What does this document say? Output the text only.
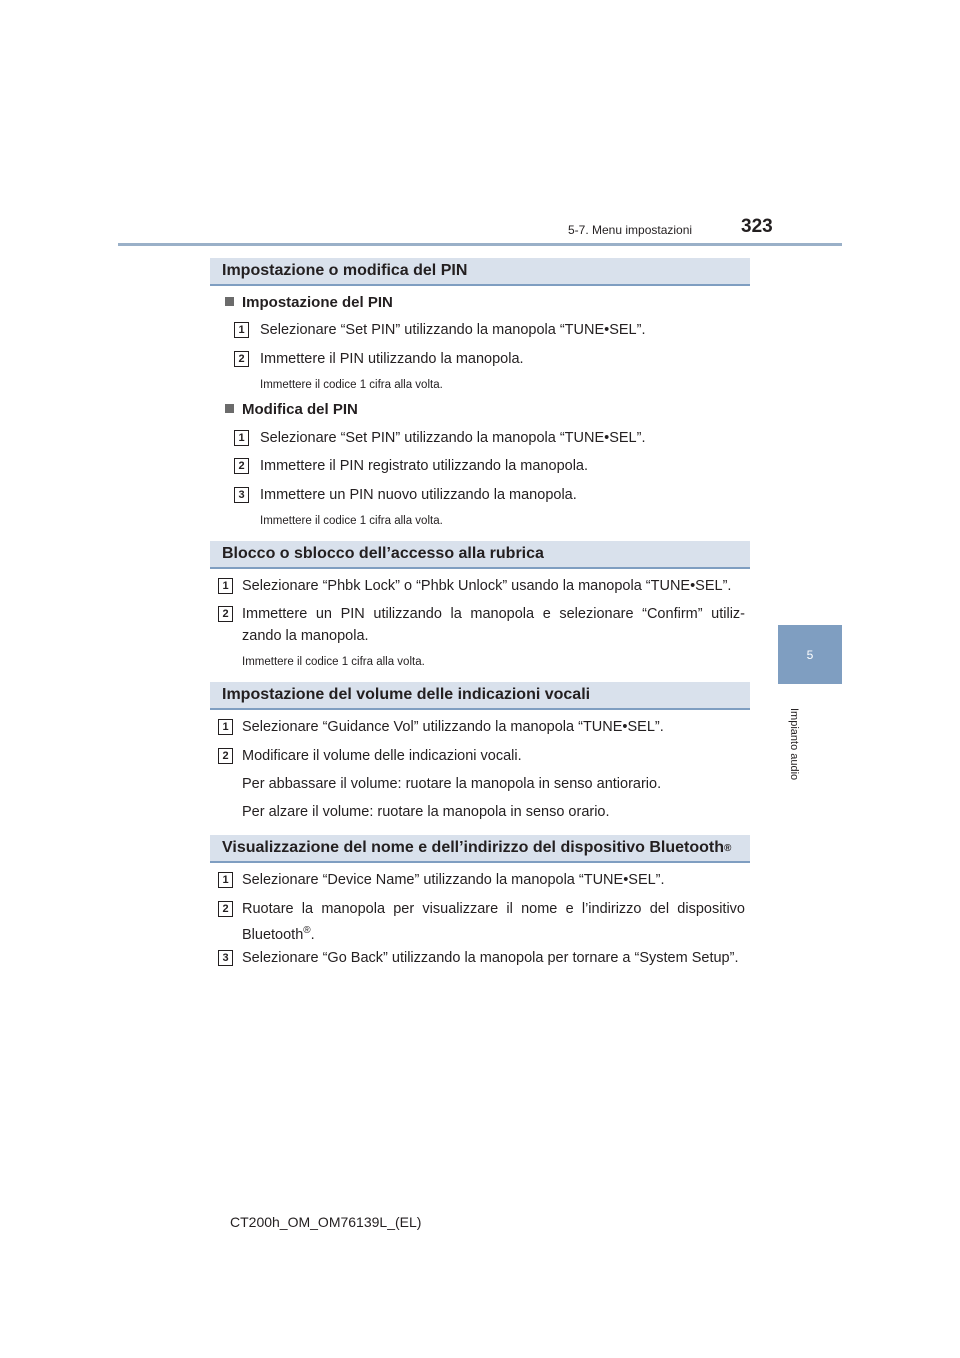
5-7. Menu impostazioni	323
5
Impianto audio
Impostazione o modifica del PIN
Impostazione del PIN
1	Selezionare “Set PIN” utilizzando la manopola “TUNE•SEL”.
2	Immettere il PIN utilizzando la manopola.
Immettere il codice 1 cifra alla volta.
Modifica del PIN
1	Selezionare “Set PIN” utilizzando la manopola “TUNE•SEL”.
2	Immettere il PIN registrato utilizzando la manopola.
3	Immettere un PIN nuovo utilizzando la manopola.
Immettere il codice 1 cifra alla volta.
Blocco o sblocco dell’accesso alla rubrica
1 Selezionare “Phbk Lock” o “Phbk Unlock” usando la manopola “TUNE•SEL”.
2 Immettere un PIN utilizzando la manopola e selezionare “Confirm” utiliz-
zando la manopola.
Immettere il codice 1 cifra alla volta.
Impostazione del volume delle indicazioni vocali
1 Selezionare “Guidance Vol” utilizzando la manopola “TUNE•SEL”.
2 Modificare il volume delle indicazioni vocali.
Per abbassare il volume: ruotare la manopola in senso antiorario.
Per alzare il volume: ruotare la manopola in senso orario.
Visualizzazione del nome e dell’indirizzo del dispositivo Bluetooth ®
1 Selezionare “Device Name” utilizzando la manopola “TUNE•SEL”.
2 Ruotare la manopola per visualizzare il nome e l’indirizzo del dispositivo
Bluetooth®.
3 Selezionare “Go Back” utilizzando la manopola per tornare a “System Setup”.
CT200h_OM_OM76139L_(EL)
